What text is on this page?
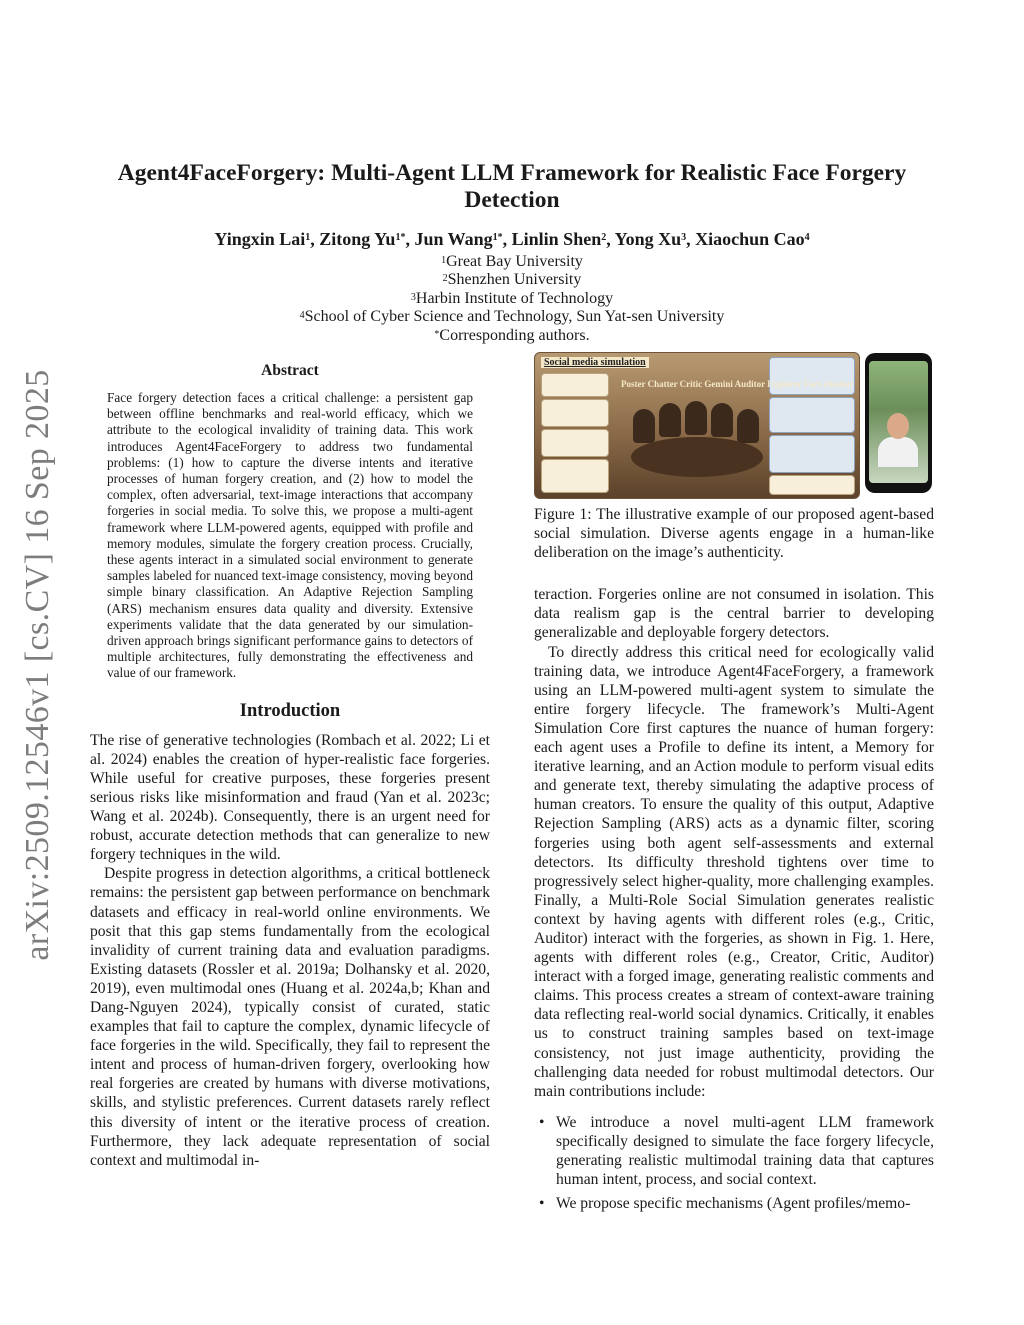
arXiv:2509.12546v1 [cs.CV] 16 Sep 2025
Agent4FaceForgery: Multi-Agent LLM Framework for Realistic Face Forgery Detection
Yingxin Lai$^1$, Zitong $Yu^{1*}$, Jun Wang$^{1*}$, Linlin Shen$^2$, Yong Xu$^3$, Xiaochun Cao$^4$
$^1$Great Bay University
$^2$Shenzhen University
$^3$Harbin Institute of Technology
$^4$School of Cyber Science and Technology, Sun Yat-sen University
*Corresponding authors.
Abstract

Face forgery detection faces a critical challenge: a persistent gap between offline benchmarks and real-world efficacy, which we attribute to the ecological invalidity of training data. This work introduces Agent4FaceForgery to address two fundamental problems: (1) how to capture the diverse intents and iterative processes of human forgery creation, and (2) how to model the complex, often adversarial, text-image interactions that accompany forgeries in social media. To solve this, we propose a multi-agent framework where LLM-powered agents, equipped with profile and memory modules, simulate the forgery creation process. Crucially, these agents interact in a simulated social environment to generate samples labeled for nuanced text-image consistency, moving beyond simple binary classification. An Adaptive Rejection Sampling (ARS) mechanism ensures data quality and diversity. Extensive experiments validate that the data generated by our simulation-driven approach brings significant performance gains to detectors of multiple architectures, fully demonstrating the effectiveness and value of our framework.

Introduction

The rise of generative technologies (Rombach et al. 2022; Li et al. 2024) enables the creation of hyper-realistic face forgeries. While useful for creative purposes, these forgeries present serious risks like misinformation and fraud (Yan et al. 2023c; Wang et al. 2024b). Consequently, there is an urgent need for robust, accurate detection methods that can generalize to new forgery techniques in the wild.

Despite progress in detection algorithms, a critical bottleneck remains: the persistent gap between performance on benchmark datasets and efficacy in real-world online environments. We posit that this gap stems fundamentally from the ecological invalidity of current training data and evaluation paradigms. Existing datasets (Rossler et al. 2019a; Dolhansky et al. 2020, 2019), even multimodal ones (Huang et al. 2024a,b; Khan and Dang-Nguyen 2024), typically consist of curated, static examples that fail to capture the complex, dynamic lifecycle of face forgeries in the wild. Specifically, they fail to represent the intent and process of human-driven forgery, overlooking how real forgeries are created by humans with diverse motivations, skills, and stylistic preferences. Current datasets rarely reflect this diversity of intent or the iterative process of creation. Furthermore, they lack adequate representation of social context and multimodal in-

Social media simulation
Poster Chatter Critic Gemini Auditor Explorer Fact-checker
Figure 1: The illustrative example of our proposed agent-based social simulation. Diverse agents engage in a human-like deliberation on the image’s authenticity.

teraction. Forgeries online are not consumed in isolation. This data realism gap is the central barrier to developing generalizable and deployable forgery detectors.

To directly address this critical need for ecologically valid training data, we introduce Agent4FaceForgery, a framework using an LLM-powered multi-agent system to simulate the entire forgery lifecycle. The framework’s Multi-Agent Simulation Core first captures the nuance of human forgery: each agent uses a Profile to define its intent, a Memory for iterative learning, and an Action module to perform visual edits and generate text, thereby simulating the adaptive process of human creators. To ensure the quality of this output, Adaptive Rejection Sampling (ARS) acts as a dynamic filter, scoring forgeries using both agent self-assessments and external detectors. Its difficulty threshold tightens over time to progressively select higher-quality, more challenging examples. Finally, a Multi-Role Social Simulation generates realistic context by having agents with different roles (e.g., Critic, Auditor) interact with the forgeries, as shown in Fig. 1. Here, agents with different roles (e.g., Creator, Critic, Auditor) interact with a forged image, generating realistic comments and claims. This process creates a stream of context-aware training data reflecting real-world social dynamics. Critically, it enables us to construct training samples based on text-image consistency, not just image authenticity, providing the challenging data needed for robust multimodal detectors. Our main contributions include:

• We introduce a novel multi-agent LLM framework specifically designed to simulate the face forgery lifecycle, generating realistic multimodal training data that captures human intent, process, and social context.
• We propose specific mechanisms (Agent profiles/memo-
